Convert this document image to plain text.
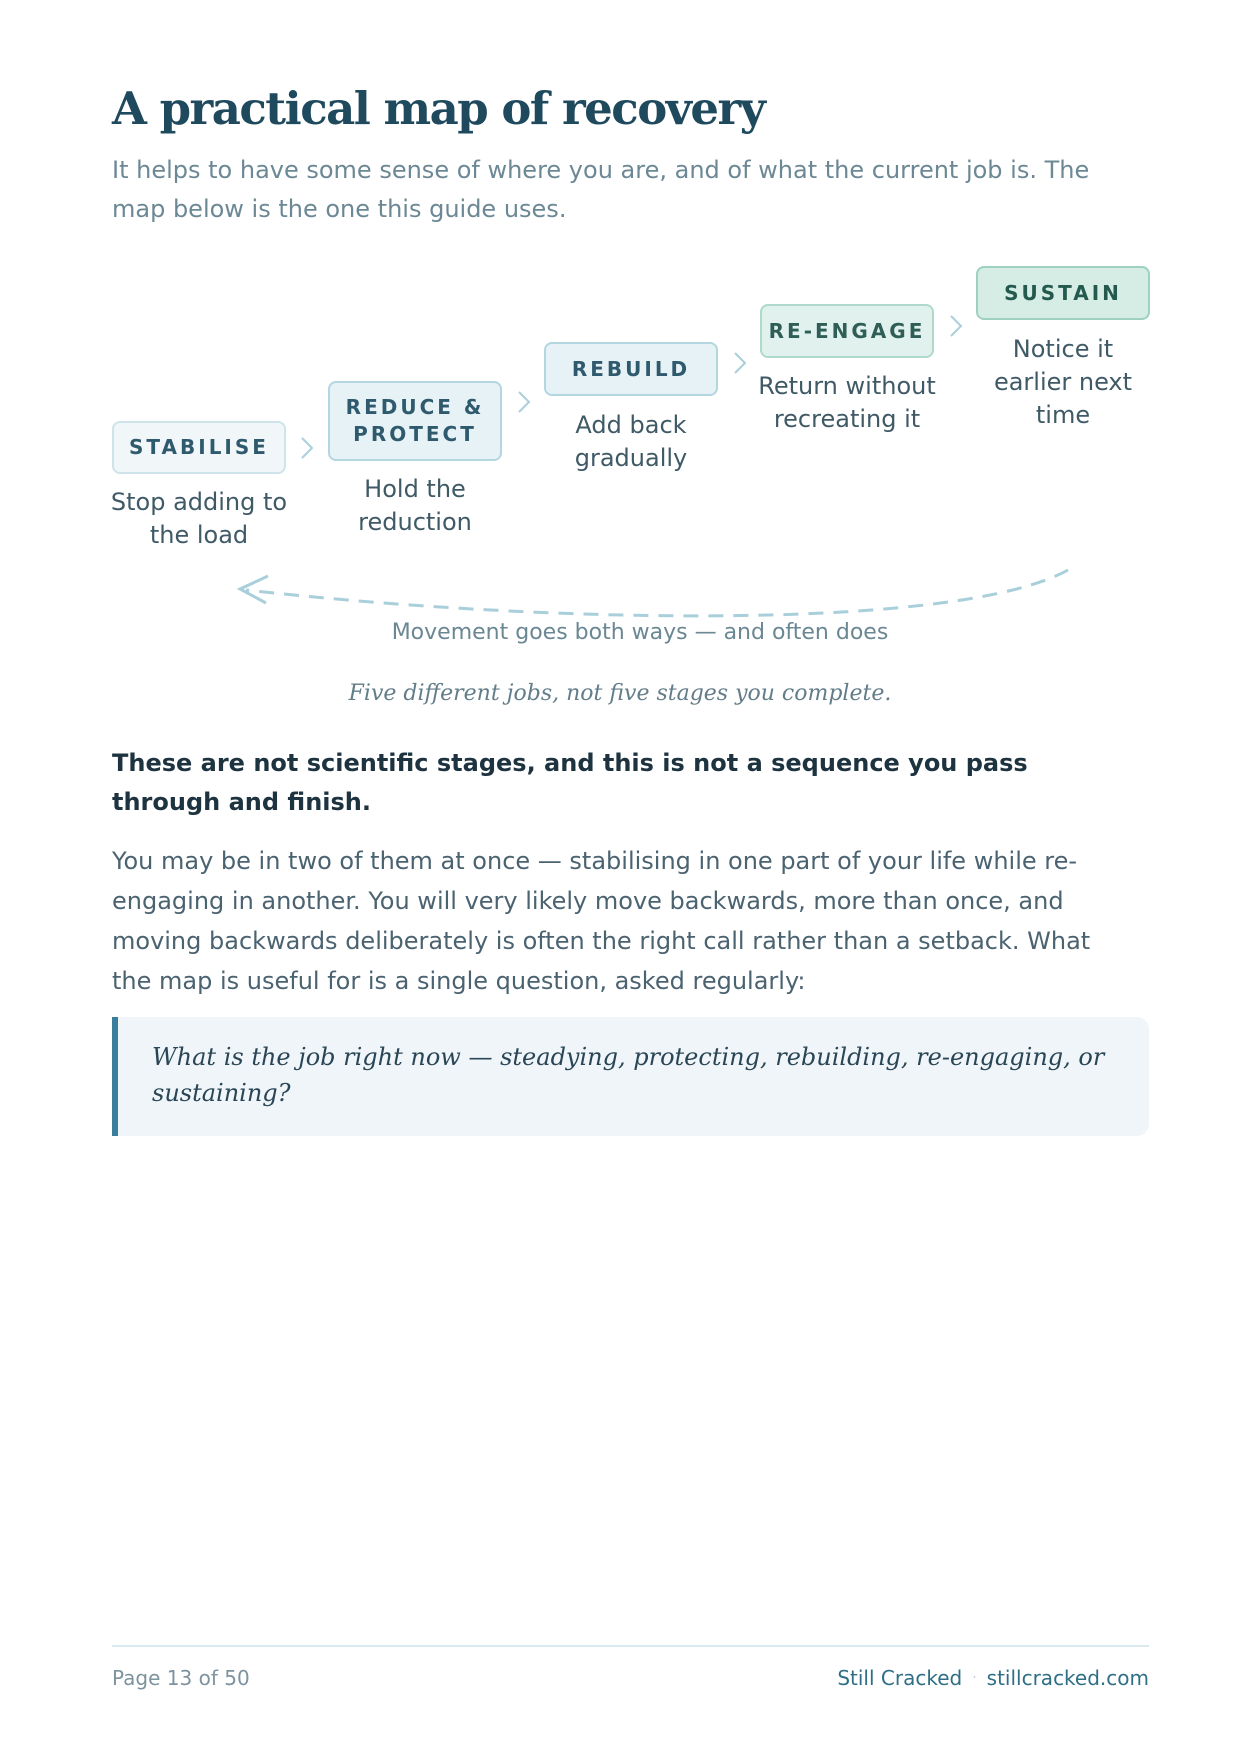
A practical map of recovery

It helps to have some sense of where you are, and of what the current job is. The map below is the one this guide uses.

STABILISE
Stop adding to the load
REDUCE & PROTECT
Hold the reduction
REBUILD
Add back gradually
RE-ENGAGE
Return without recreating it
SUSTAIN
Notice it earlier next time
Movement goes both ways — and often does
Five different jobs, not five stages you complete.

These are not scientific stages, and this is not a sequence you pass through and finish.

You may be in two of them at once — stabilising in one part of your life while re-engaging in another. You will very likely move backwards, more than once, and moving backwards deliberately is often the right call rather than a setback. What the map is useful for is a single question, asked regularly:

What is the job right now — steadying, protecting, rebuilding, re-engaging, or sustaining?

Page 13 of 50	Still Cracked · stillcracked.com
